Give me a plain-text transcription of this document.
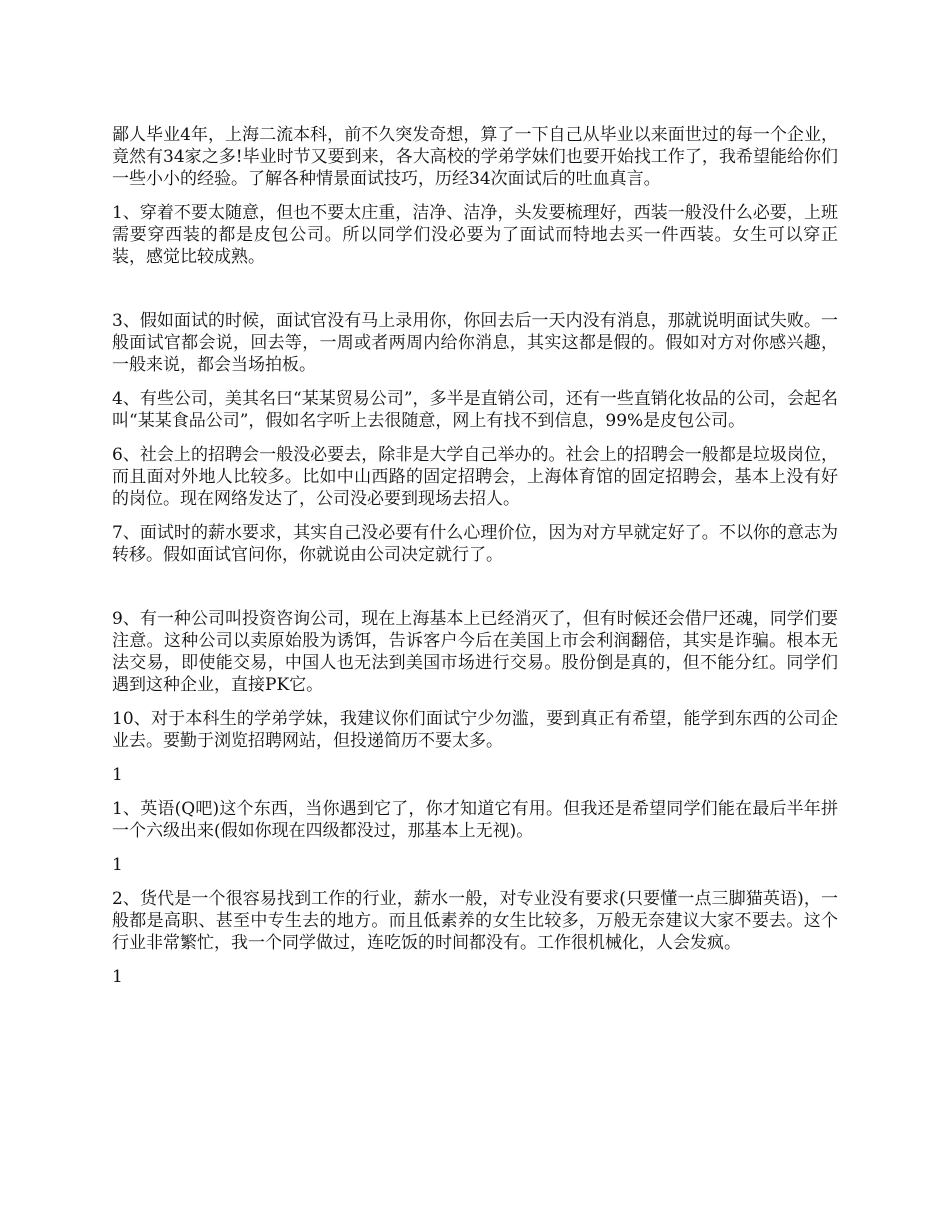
鄙人毕业4年，上海二流本科，前不久突发奇想，算了一下自己从毕业以来面世过的每一个企业，竟然有34家之多!毕业时节又要到来，各大高校的学弟学妹们也要开始找工作了，我希望能给你们一些小小的经验。了解各种情景面试技巧，历经34次面试后的吐血真言。

1、穿着不要太随意，但也不要太庄重，洁净、洁净，头发要梳理好，西装一般没什么必要，上班需要穿西装的都是皮包公司。所以同学们没必要为了面试而特地去买一件西装。女生可以穿正装，感觉比较成熟。

3、假如面试的时候，面试官没有马上录用你，你回去后一天内没有消息，那就说明面试失败。一般面试官都会说，回去等，一周或者两周内给你消息，其实这都是假的。假如对方对你感兴趣，一般来说，都会当场拍板。

4、有些公司，美其名曰“某某贸易公司”，多半是直销公司，还有一些直销化妆品的公司，会起名叫“某某食品公司”，假如名字听上去很随意，网上有找不到信息，99%是皮包公司。

6、社会上的招聘会一般没必要去，除非是大学自己举办的。社会上的招聘会一般都是垃圾岗位，而且面对外地人比较多。比如中山西路的固定招聘会，上海体育馆的固定招聘会，基本上没有好的岗位。现在网络发达了，公司没必要到现场去招人。

7、面试时的薪水要求，其实自己没必要有什么心理价位，因为对方早就定好了。不以你的意志为转移。假如面试官问你，你就说由公司决定就行了。

9、有一种公司叫投资咨询公司，现在上海基本上已经消灭了，但有时候还会借尸还魂，同学们要注意。这种公司以卖原始股为诱饵，告诉客户今后在美国上市会利润翻倍，其实是诈骗。根本无法交易，即使能交易，中国人也无法到美国市场进行交易。股份倒是真的，但不能分红。同学们遇到这种企业，直接PK它。

10、对于本科生的学弟学妹，我建议你们面试宁少勿滥，要到真正有希望，能学到东西的公司企业去。要勤于浏览招聘网站，但投递简历不要太多。

1

1、英语(Q吧)这个东西，当你遇到它了，你才知道它有用。但我还是希望同学们能在最后半年拼一个六级出来(假如你现在四级都没过，那基本上无视)。

1

2、货代是一个很容易找到工作的行业，薪水一般，对专业没有要求(只要懂一点三脚猫英语)，一般都是高职、甚至中专生去的地方。而且低素养的女生比较多，万般无奈建议大家不要去。这个行业非常繁忙，我一个同学做过，连吃饭的时间都没有。工作很机械化，人会发疯。

1
